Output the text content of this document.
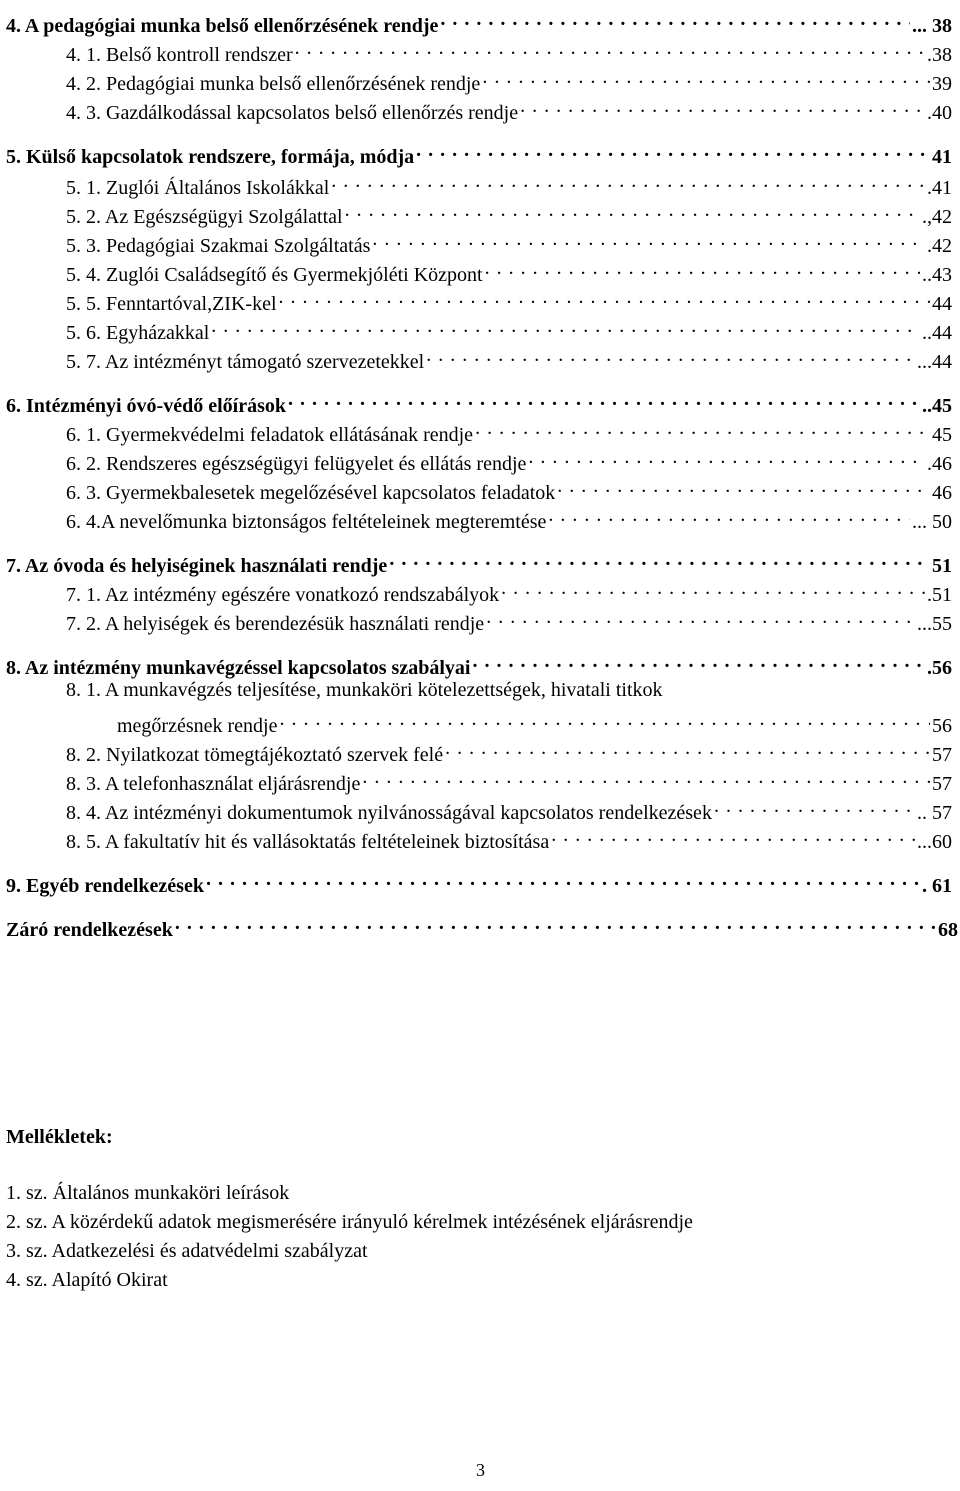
4. A pedagógiai munka belső ellenőrzésének rendje . . .	... 38
4. 1. Belső kontroll rendszer . . .	.38
4. 2. Pedagógiai munka belső ellenőrzésének rendje . . .	39
4. 3. Gazdálkodással kapcsolatos belső ellenőrzés rendje . . .	.40
5. Külső kapcsolatok rendszere, formája, módja . . .	41
5. 1. Zuglói Általános Iskolákkal . . .	.41
5. 2. Az Egészségügyi Szolgálattal . . .	.,42
5. 3. Pedagógiai Szakmai Szolgáltatás . . .	.42
5. 4. Zuglói Családsegítő és Gyermekjóléti Központ . . .	..43
5. 5. Fenntartóval,ZIK-kel . . .	44
5. 6. Egyházakkal . . .	..44
5. 7. Az intézményt támogató szervezetekkel . . .	...44
6. Intézményi óvó-védő előírások . . .	..45
6. 1. Gyermekvédelmi feladatok ellátásának rendje . . .	45
6. 2. Rendszeres egészségügyi felügyelet és ellátás rendje . . .	.46
6. 3. Gyermekbalesetek megelőzésével kapcsolatos feladatok . . .	46
6. 4.A nevelőmunka biztonságos feltételeinek megteremtése . . .	... 50
7. Az óvoda és helyiséginek használati rendje . . .	51
7. 1. Az intézmény egészére vonatkozó rendszabályok . . .	.51
7. 2. A helyiségek és berendezésük használati rendje . . .	...55
8. Az intézmény munkavégzéssel kapcsolatos szabályai . . .	.56
8. 1. A munkavégzés teljesítése, munkaköri kötelezettségek, hivatali titkok
megőrzésnek rendje . . .	56
8. 2. Nyilatkozat tömegtájékoztató szervek felé . . .	57
8. 3. A telefonhasználat eljárásrendje . . .	57
8. 4. Az intézményi dokumentumok nyilvánosságával kapcsolatos rendelkezések . . .	.. 57
8. 5. A fakultatív hit és vallásoktatás feltételeinek biztosítása . . .	...60
9. Egyéb rendelkezések . . .	. 61
Záró rendelkezések . . .	68
Mellékletek:
1. sz. Általános munkaköri leírások
2. sz. A közérdekű adatok megismerésére irányuló kérelmek intézésének eljárásrendje
3. sz. Adatkezelési és adatvédelmi szabályzat
4. sz. Alapító Okirat
3
